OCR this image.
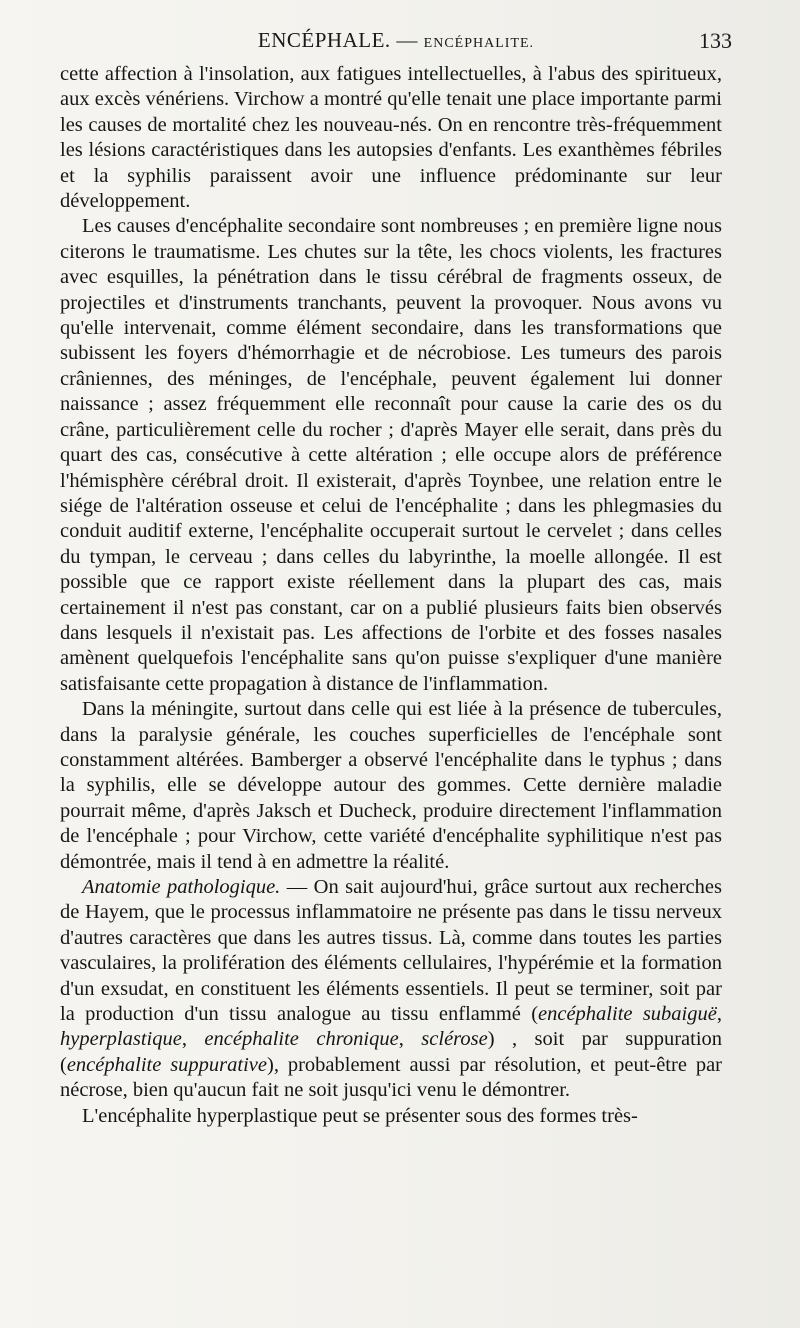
ENCÉPHALE. — ENCÉPHALITE.	133

cette affection à l'insolation, aux fatigues intellectuelles, à l'abus des spiritueux, aux excès vénériens. Virchow a montré qu'elle tenait une place importante parmi les causes de mortalité chez les nouveau-nés. On en rencontre très-fréquemment les lésions caractéristiques dans les autopsies d'enfants. Les exanthèmes fébriles et la syphilis paraissent avoir une influence prédominante sur leur développement.

Les causes d'encéphalite secondaire sont nombreuses ; en première ligne nous citerons le traumatisme. Les chutes sur la tête, les chocs violents, les fractures avec esquilles, la pénétration dans le tissu cérébral de fragments osseux, de projectiles et d'instruments tranchants, peuvent la provoquer. Nous avons vu qu'elle intervenait, comme élément secondaire, dans les transformations que subissent les foyers d'hémorrhagie et de nécrobiose. Les tumeurs des parois crâniennes, des méninges, de l'encéphale, peuvent également lui donner naissance ; assez fréquemment elle reconnaît pour cause la carie des os du crâne, particulièrement celle du rocher ; d'après Mayer elle serait, dans près du quart des cas, consécutive à cette altération ; elle occupe alors de préférence l'hémisphère cérébral droit. Il existerait, d'après Toynbee, une relation entre le siége de l'altération osseuse et celui de l'encéphalite ; dans les phlegmasies du conduit auditif externe, l'encéphalite occuperait surtout le cervelet ; dans celles du tympan, le cerveau ; dans celles du labyrinthe, la moelle allongée. Il est possible que ce rapport existe réellement dans la plupart des cas, mais certainement il n'est pas constant, car on a publié plusieurs faits bien observés dans lesquels il n'existait pas. Les affections de l'orbite et des fosses nasales amènent quelquefois l'encéphalite sans qu'on puisse s'expliquer d'une manière satisfaisante cette propagation à distance de l'inflammation.

Dans la méningite, surtout dans celle qui est liée à la présence de tubercules, dans la paralysie générale, les couches superficielles de l'encéphale sont constamment altérées. Bamberger a observé l'encéphalite dans le typhus ; dans la syphilis, elle se développe autour des gommes. Cette dernière maladie pourrait même, d'après Jaksch et Ducheck, produire directement l'inflammation de l'encéphale ; pour Virchow, cette variété d'encéphalite syphilitique n'est pas démontrée, mais il tend à en admettre la réalité.

Anatomie pathologique. — On sait aujourd'hui, grâce surtout aux recherches de Hayem, que le processus inflammatoire ne présente pas dans le tissu nerveux d'autres caractères que dans les autres tissus. Là, comme dans toutes les parties vasculaires, la prolifération des éléments cellulaires, l'hypérémie et la formation d'un exsudat, en constituent les éléments essentiels. Il peut se terminer, soit par la production d'un tissu analogue au tissu enflammé (encéphalite subaiguë, hyperplastique, encéphalite chronique, sclérose) , soit par suppuration (encéphalite suppurative), probablement aussi par résolution, et peut-être par nécrose, bien qu'aucun fait ne soit jusqu'ici venu le démontrer.

L'encéphalite hyperplastique peut se présenter sous des formes très-
